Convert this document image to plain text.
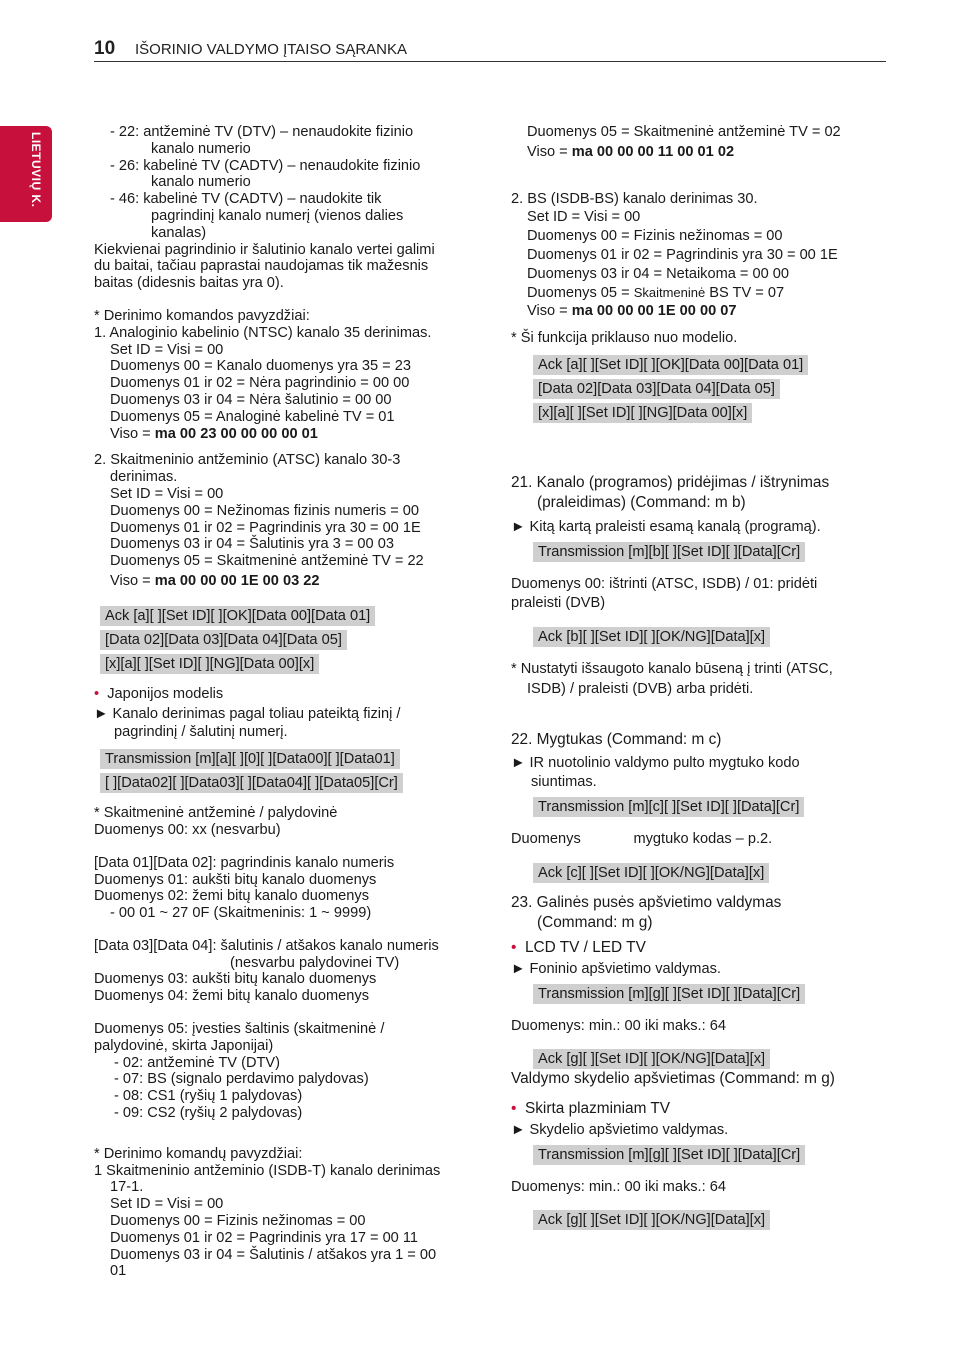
10 IŠORINIO VALDYMO ĮTAISO SĄRANKA
LIETUVIŲ K.	- 22: antžeminė TV (DTV) – nenaudokite fizinio
kanalo numerio
- 26: kabelinė TV (CADTV) – nenaudokite fizinio
kanalo numerio
- 46: kabelinė TV (CADTV) – naudokite tik
pagrindinį kanalo numerį (vienos dalies
kanalas)
Kiekvienai pagrindinio ir šalutinio kanalo vertei galimi
du baitai, tačiau paprastai naudojamas tik mažesnis
baitas (didesnis baitas yra 0).
* Derinimo komandos pavyzdžiai:
1. Analoginio kabelinio (NTSC) kanalo 35 derinimas.
Set ID = Visi = 00
Duomenys 00 = Kanalo duomenys yra 35 = 23
Duomenys 01 ir 02 = Nėra pagrindinio = 00 00
Duomenys 03 ir 04 = Nėra šalutinio = 00 00
Duomenys 05 = Analoginė kabelinė TV = 01
Viso = ma 00 23 00 00 00 00 01
2. Skaitmeninio antžeminio (ATSC) kanalo 30-3
derinimas.
Set ID = Visi = 00
Duomenys 00 = Nežinomas fizinis numeris = 00
Duomenys 01 ir 02 = Pagrindinis yra 30 = 00 1E
Duomenys 03 ir 04 = Šalutinis yra 3 = 00 03
Duomenys 05 = Skaitmeninė antžeminė TV = 22
Viso = ma 00 00 00 1E 00 03 22
Ack [a][ ][Set ID][ ][OK][Data 00][Data 01]
[Data 02][Data 03][Data 04][Data 05]
[x][a][ ][Set ID][ ][NG][Data 00][x]
• Japonijos modelis
► Kanalo derinimas pagal toliau pateiktą fizinį /
pagrindinį / šalutinį numerį.
Transmission [m][a][ ][0][ ][Data00][ ][Data01]
[ ][Data02][ ][Data03][ ][Data04][ ][Data05][Cr]
* Skaitmeninė antžeminė / palydovinė
Duomenys 00: xx (nesvarbu)
[Data 01][Data 02]: pagrindinis kanalo numeris
Duomenys 01: aukšti bitų kanalo duomenys
Duomenys 02: žemi bitų kanalo duomenys
- 00 01 ~ 27 0F (Skaitmeninis: 1 ~ 9999)
[Data 03][Data 04]: šalutinis / atšakos kanalo numeris
(nesvarbu palydovinei TV)
Duomenys 03: aukšti bitų kanalo duomenys
Duomenys 04: žemi bitų kanalo duomenys
Duomenys 05: įvesties šaltinis (skaitmeninė /
palydovinė, skirta Japonijai)
- 02: antžeminė TV (DTV)
- 07: BS (signalo perdavimo palydovas)
- 08: CS1 (ryšių 1 palydovas)
- 09: CS2 (ryšių 2 palydovas)
* Derinimo komandų pavyzdžiai:
1 Skaitmeninio antžeminio (ISDB-T) kanalo derinimas
17-1.
Set ID = Visi = 00
Duomenys 00 = Fizinis nežinomas = 00
Duomenys 01 ir 02 = Pagrindinis yra 17 = 00 11
Duomenys 03 ir 04 = Šalutinis / atšakos yra 1 = 00
01
Duomenys 05 = Skaitmeninė antžeminė TV = 02
Viso = ma 00 00 00 11 00 01 02
2. BS (ISDB-BS) kanalo derinimas 30.
Set ID = Visi = 00
Duomenys 00 = Fizinis nežinomas = 00
Duomenys 01 ir 02 = Pagrindinis yra 30 = 00 1E
Duomenys 03 ir 04 = Netaikoma = 00 00
Duomenys 05 = Skaitmeninė BS TV = 07
Viso = ma 00 00 00 1E 00 00 07
* Ši funkcija priklauso nuo modelio.
Ack [a][ ][Set ID][ ][OK][Data 00][Data 01]
[Data 02][Data 03][Data 04][Data 05]
[x][a][ ][Set ID][ ][NG][Data 00][x]
21. Kanalo (programos) pridėjimas / ištrynimas
(praleidimas) (Command: m b)
► Kitą kartą praleisti esamą kanalą (programą).
Transmission [m][b][ ][Set ID][ ][Data][Cr]
Duomenys 00: ištrinti (ATSC, ISDB) / 01: pridėti
praleisti (DVB)
Ack [b][ ][Set ID][ ][OK/NG][Data][x]
* Nustatyti išsaugoto kanalo būseną į trinti (ATSC,
ISDB) / praleisti (DVB) arba pridėti.
22. Mygtukas (Command: m c)
► IR nuotolinio valdymo pulto mygtuko kodo
siuntimas.
Transmission [m][c][ ][Set ID][ ][Data][Cr]
Duomenys             mygtuko kodas – p.2.
Ack [c][ ][Set ID][ ][OK/NG][Data][x]
23. Galinės pusės apšvietimo valdymas
(Command: m g)
• LCD TV / LED TV
► Foninio apšvietimo valdymas.
Transmission [m][g][ ][Set ID][ ][Data][Cr]
Duomenys: min.: 00 iki maks.: 64
Ack [g][ ][Set ID][ ][OK/NG][Data][x]
Valdymo skydelio apšvietimas (Command: m g)
• Skirta plazminiam TV
► Skydelio apšvietimo valdymas.
Transmission [m][g][ ][Set ID][ ][Data][Cr]
Duomenys: min.: 00 iki maks.: 64
Ack [g][ ][Set ID][ ][OK/NG][Data][x]
